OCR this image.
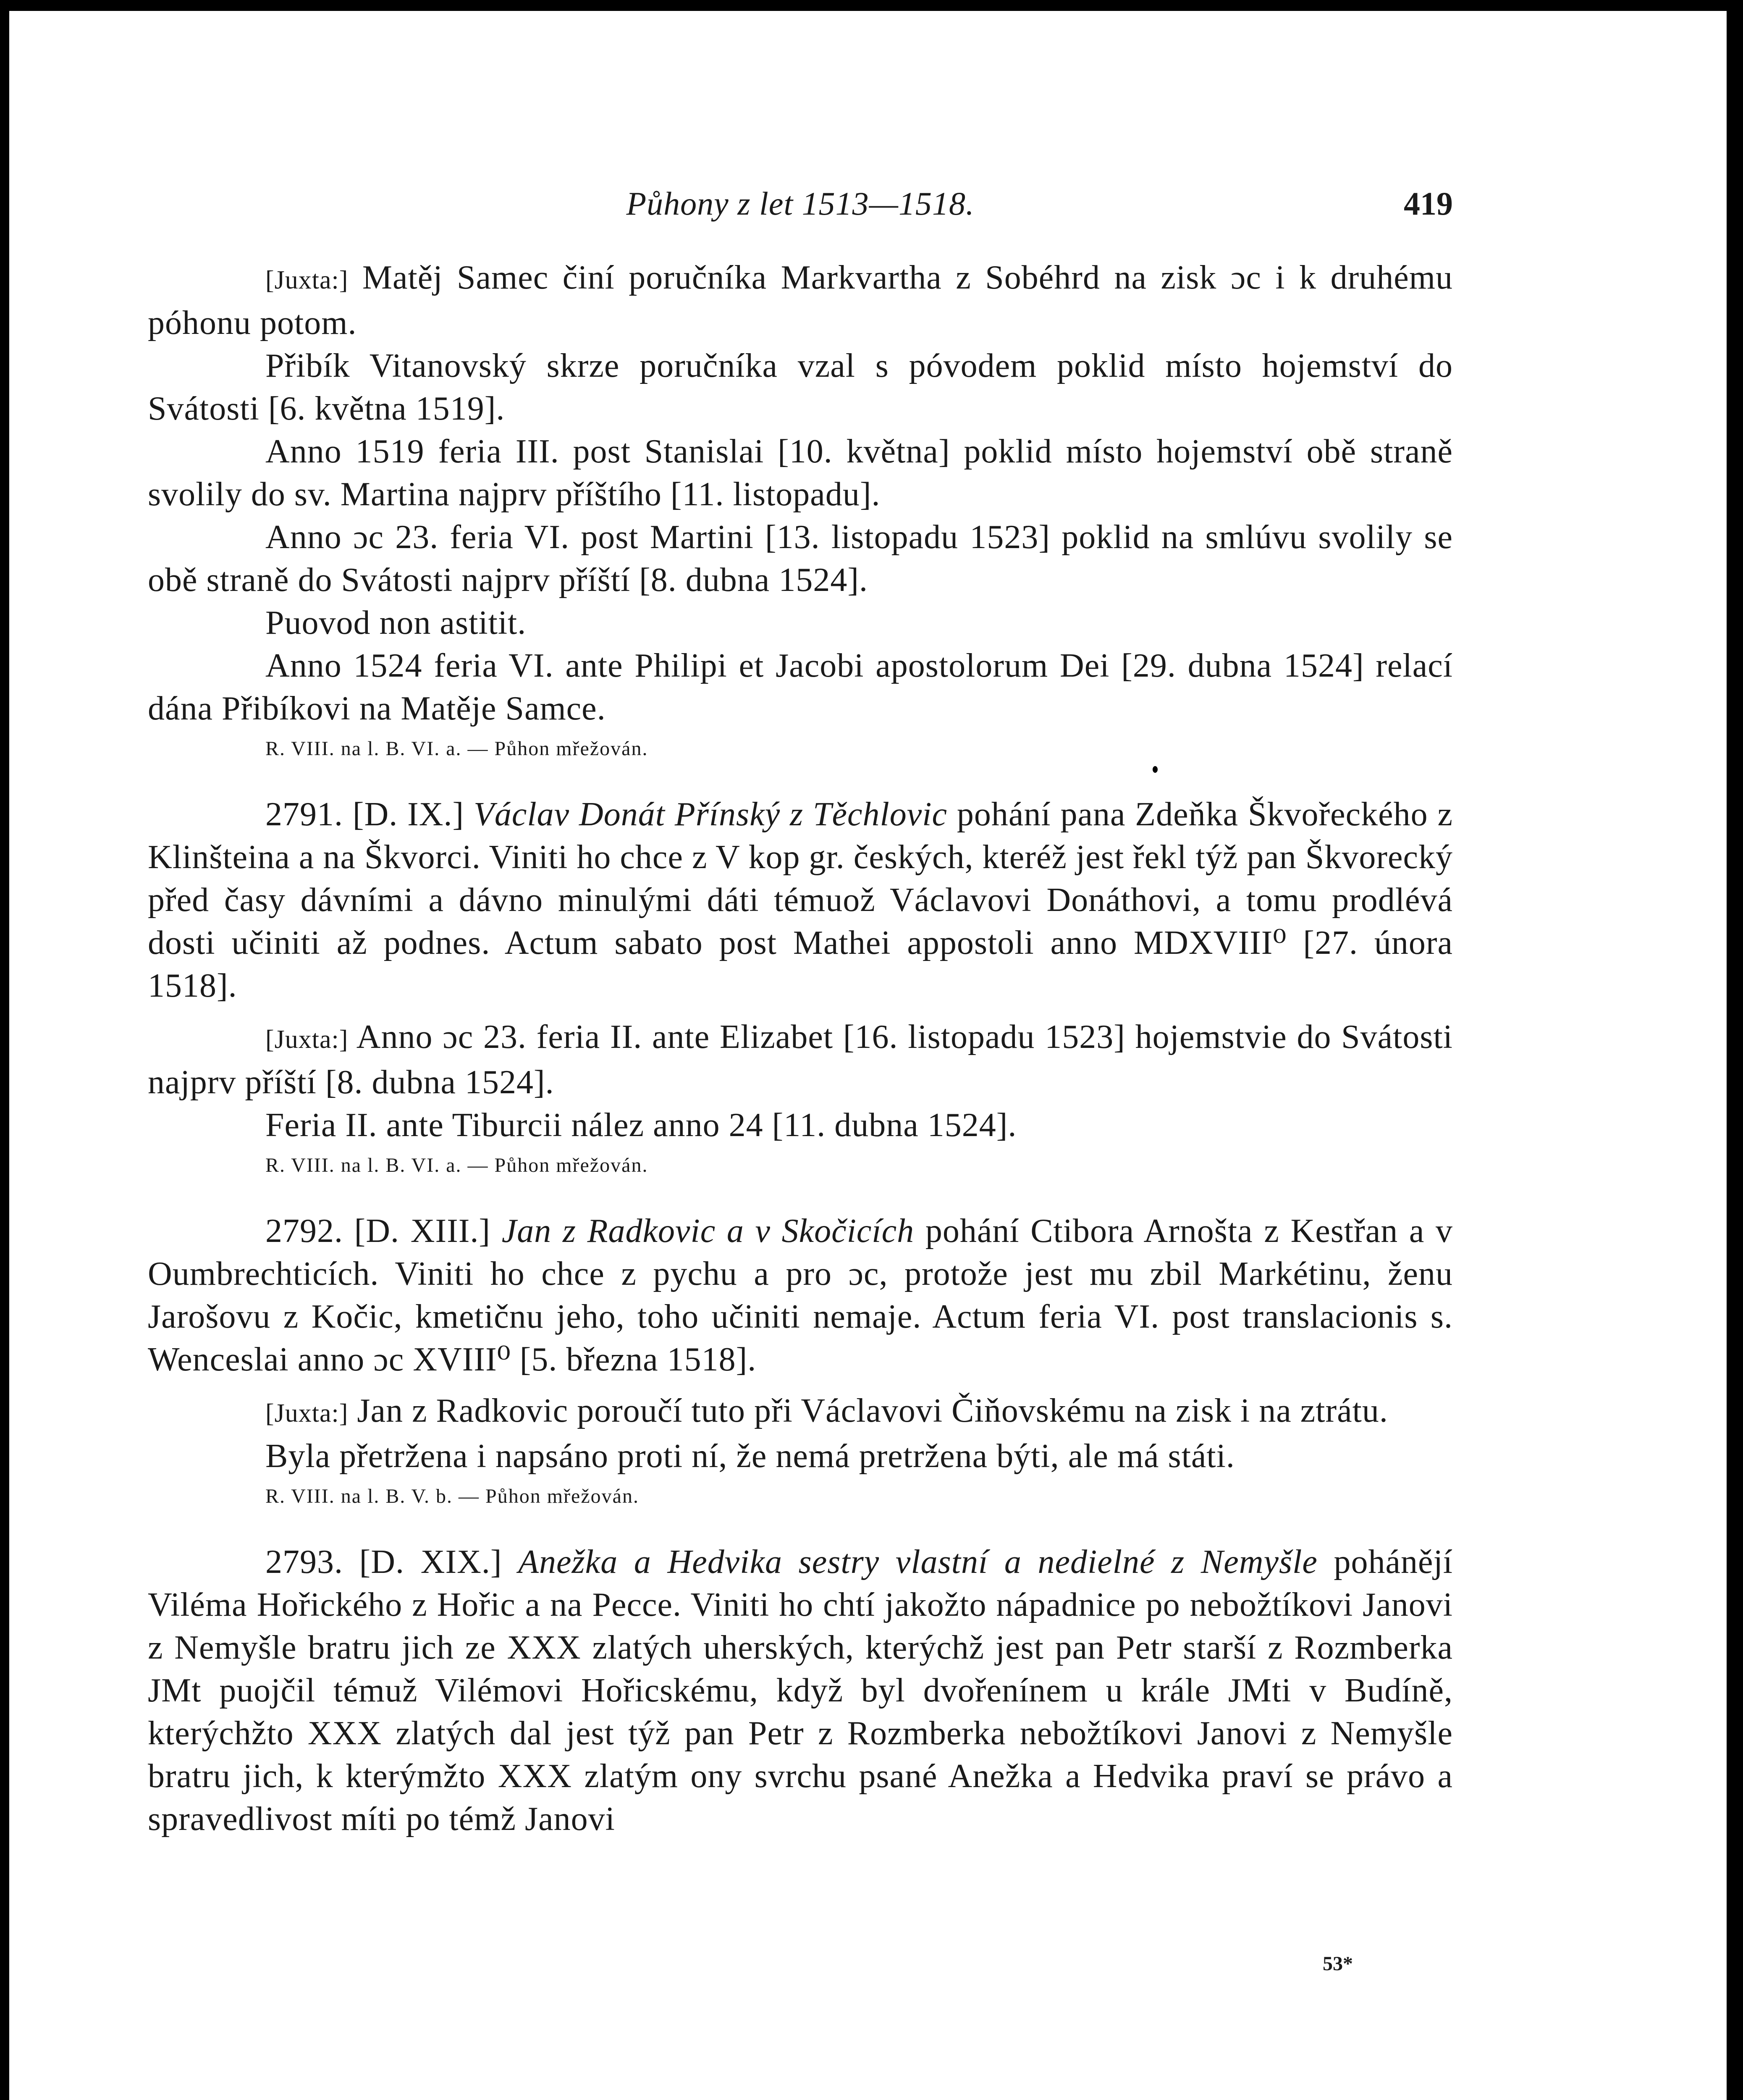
Půhony z let 1513—1518.	419

[Juxta:] Matěj Samec činí poručníka Markvartha z Sobéhrd na zisk ɔc i k druhému póhonu potom.

Přibík Vitanovský skrze poručníka vzal s póvodem poklid místo hojemství do Svátosti [6. května 1519].

Anno 1519 feria III. post Stanislai [10. května] poklid místo hojemství obě straně svolily do sv. Martina najprv příštího [11. listopadu].

Anno ɔc 23. feria VI. post Martini [13. listopadu 1523] poklid na smlúvu svolily se obě straně do Svátosti najprv příští [8. dubna 1524].

Puovod non astitit.

Anno 1524 feria VI. ante Philipi et Jacobi apostolorum Dei [29. dubna 1524] relací dána Přibíkovi na Matěje Samce.

R. VIII. na l. B. VI. a. — Půhon mřežován.

2791. [D. IX.] Václav Donát Přínský z Těchlovic pohání pana Zdeňka Škvořeckého z Klinšteina a na Škvorci. Viniti ho chce z V kop gr. českých, kteréž jest řekl týž pan Škvorecký před časy dávními a dávno minulými dáti témuož Václavovi Donáthovi, a tomu prodlévá dosti učiniti až podnes. Actum sabato post Mathei appostoli anno MDXVIII⁰ [27. února 1518].

[Juxta:] Anno ɔc 23. feria II. ante Elizabet [16. listopadu 1523] hojemstvie do Svátosti najprv příští [8. dubna 1524].

Feria II. ante Tiburcii nález anno 24 [11. dubna 1524].

R. VIII. na l. B. VI. a. — Půhon mřežován.

2792. [D. XIII.] Jan z Radkovic a v Skočicích pohání Ctibora Arnošta z Kestřan a v Oumbrechticích. Viniti ho chce z pychu a pro ɔc, protože jest mu zbil Markétinu, ženu Jarošovu z Kočic, kmetičnu jeho, toho učiniti nemaje. Actum feria VI. post translacionis s. Wenceslai anno ɔc XVIII⁰ [5. března 1518].

[Juxta:] Jan z Radkovic poroučí tuto při Václavovi Čiňovskému na zisk i na ztrátu.

Byla přetržena i napsáno proti ní, že nemá pretržena býti, ale má státi.

R. VIII. na l. B. V. b. — Půhon mřežován.

2793. [D. XIX.] Anežka a Hedvika sestry vlastní a nedielné z Nemyšle pohánějí Viléma Hořického z Hořic a na Pecce. Viniti ho chtí jakožto nápadnice po nebožtíkovi Janovi z Nemyšle bratru jich ze XXX zlatých uherských, kterýchž jest pan Petr starší z Rozmberka JMt puojčil témuž Vilémovi Hořicskému, když byl dvořenínem u krále JMti v Budíně, kterýchžto XXX zlatých dal jest týž pan Petr z Rozmberka nebožtíkovi Janovi z Nemyšle bratru jich, k kterýmžto XXX zlatým ony svrchu psané Anežka a Hedvika praví se právo a spravedlivost míti po témž Janovi

53*
